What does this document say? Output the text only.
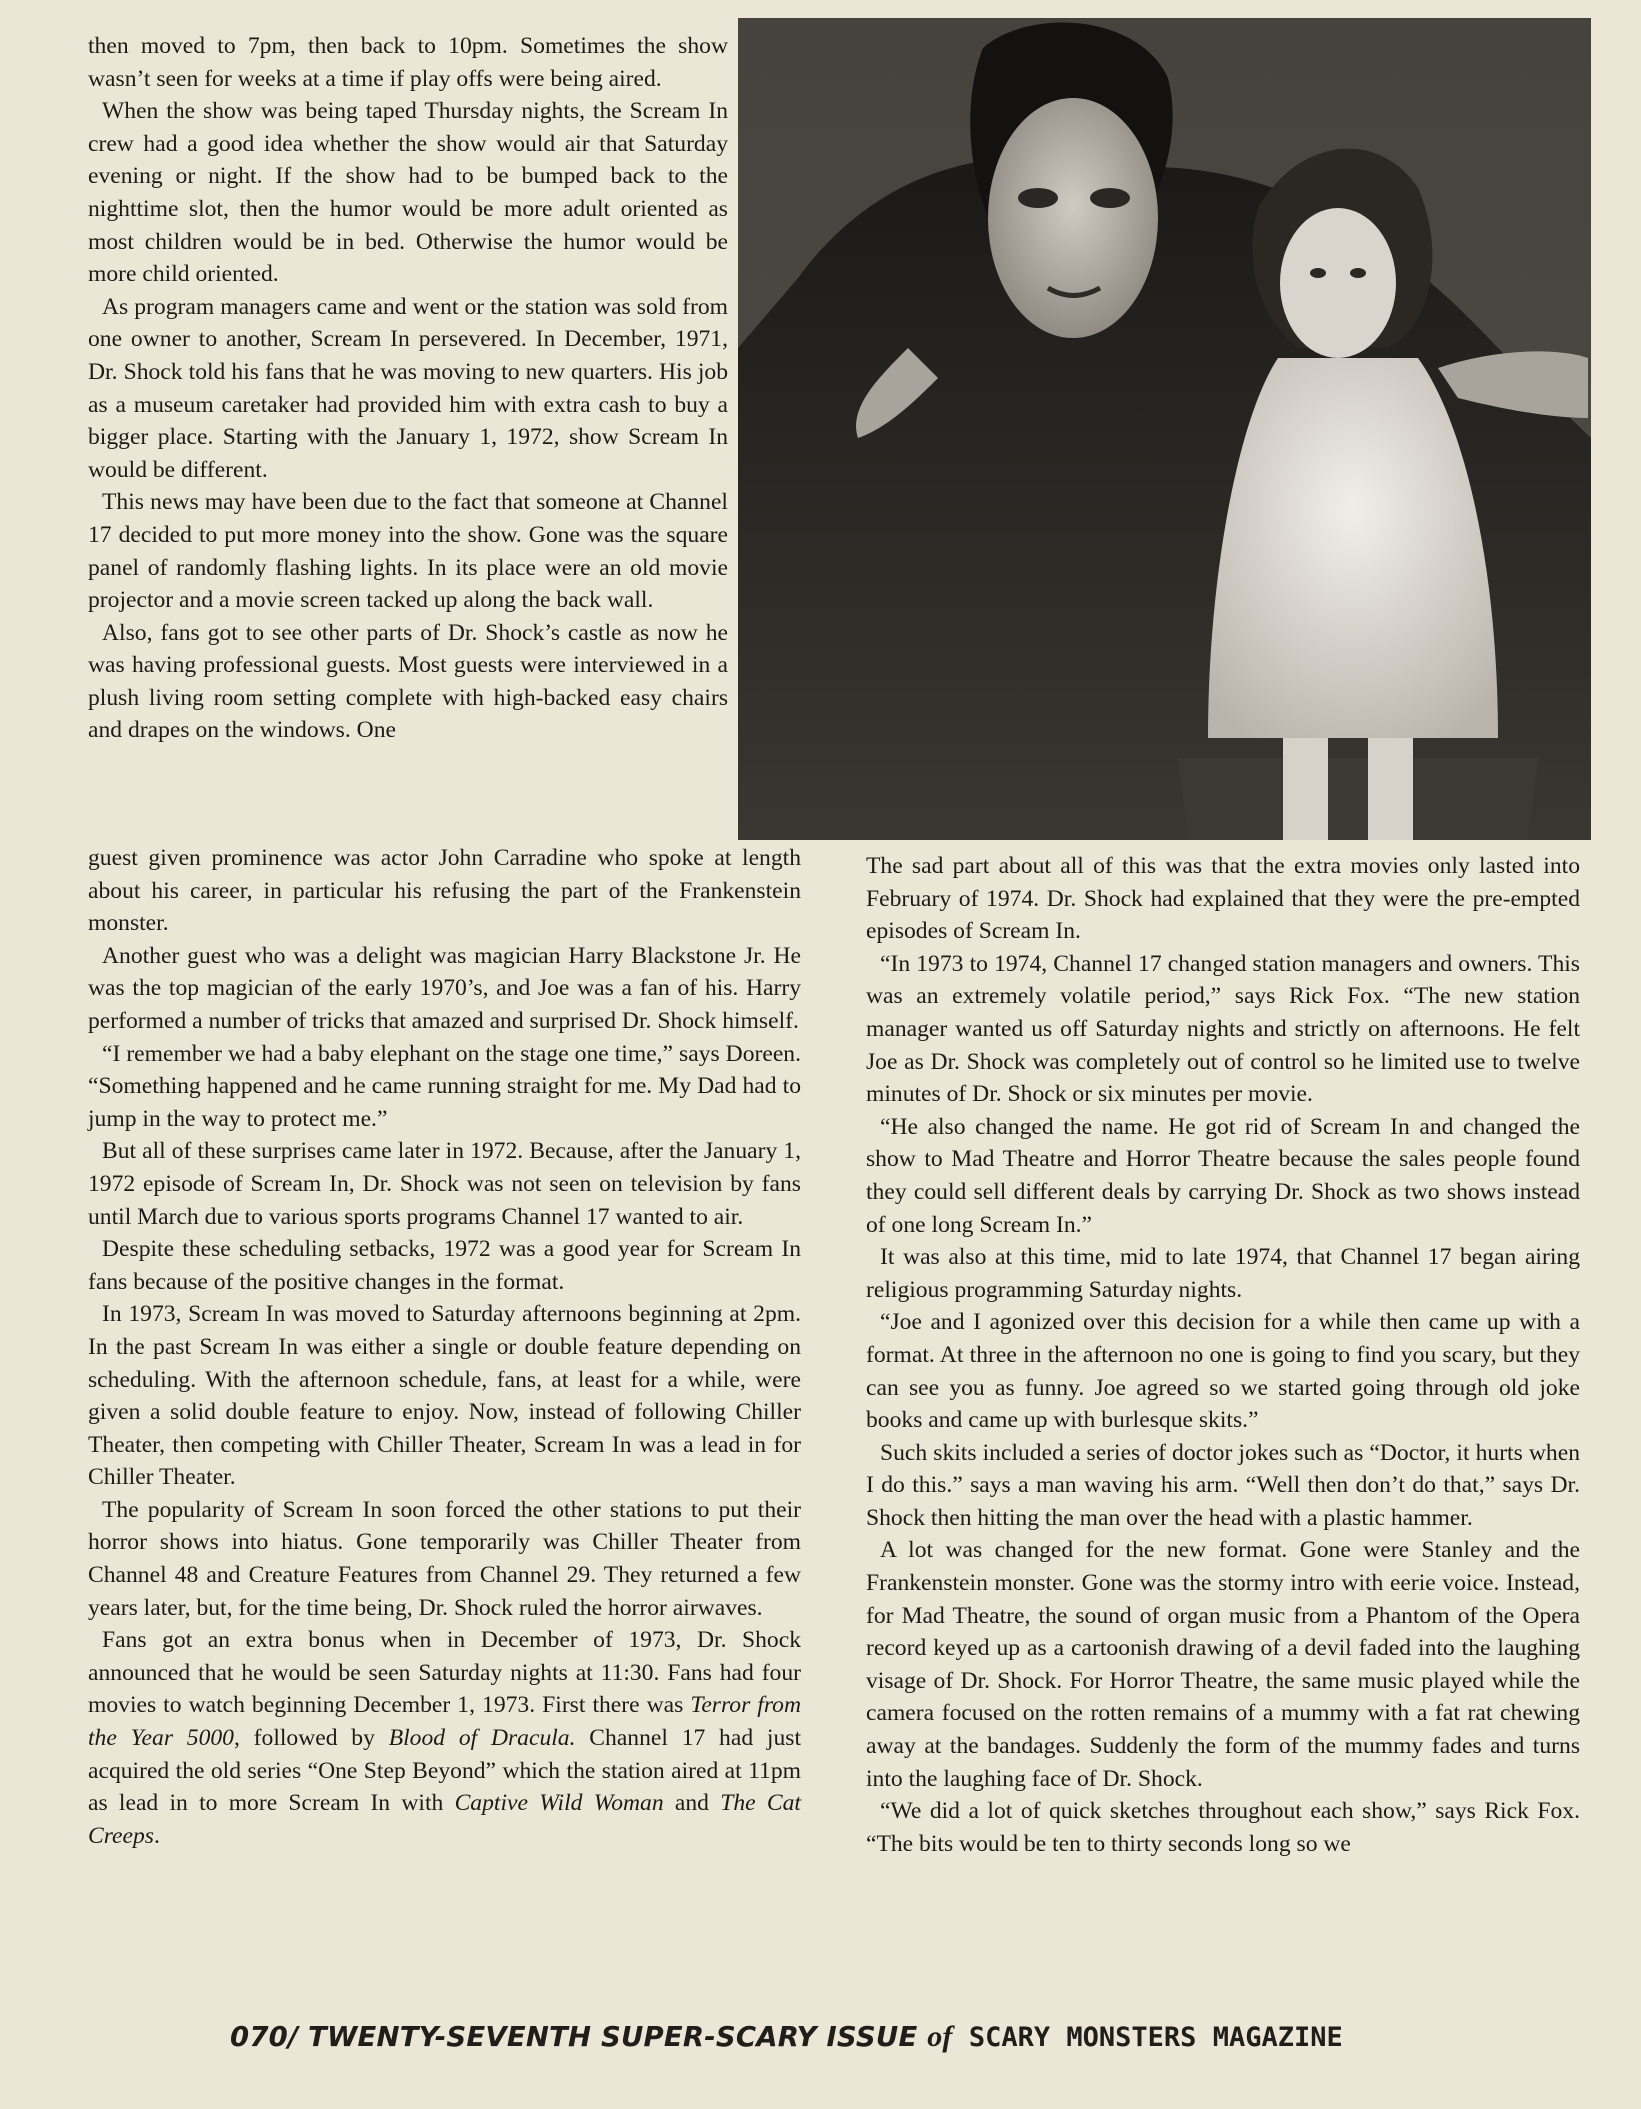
then moved to 7pm, then back to 10pm. Sometimes the show wasn’t seen for weeks at a time if play offs were being aired.

When the show was being taped Thursday nights, the Scream In crew had a good idea whether the show would air that Saturday evening or night. If the show had to be bumped back to the nighttime slot, then the humor would be more adult oriented as most children would be in bed. Otherwise the humor would be more child oriented.

As program managers came and went or the station was sold from one owner to another, Scream In persevered. In December, 1971, Dr. Shock told his fans that he was moving to new quarters. His job as a museum caretaker had provided him with extra cash to buy a bigger place. Starting with the January 1, 1972, show Scream In would be different.

This news may have been due to the fact that someone at Channel 17 decided to put more money into the show. Gone was the square panel of randomly flashing lights. In its place were an old movie projector and a movie screen tacked up along the back wall.

Also, fans got to see other parts of Dr. Shock’s castle as now he was having professional guests. Most guests were interviewed in a plush living room setting complete with high-backed easy chairs and drapes on the windows. One

guest given prominence was actor John Carradine who spoke at length about his career, in particular his refusing the part of the Frankenstein monster.

Another guest who was a delight was magician Harry Blackstone Jr. He was the top magician of the early 1970’s, and Joe was a fan of his. Harry performed a number of tricks that amazed and surprised Dr. Shock himself.

“I remember we had a baby elephant on the stage one time,” says Doreen. “Something happened and he came running straight for me. My Dad had to jump in the way to protect me.”

But all of these surprises came later in 1972. Because, after the January 1, 1972 episode of Scream In, Dr. Shock was not seen on television by fans until March due to various sports programs Channel 17 wanted to air.

Despite these scheduling setbacks, 1972 was a good year for Scream In fans because of the positive changes in the format.

In 1973, Scream In was moved to Saturday afternoons beginning at 2pm. In the past Scream In was either a single or double feature depending on scheduling. With the afternoon schedule, fans, at least for a while, were given a solid double feature to enjoy. Now, instead of following Chiller Theater, then competing with Chiller Theater, Scream In was a lead in for Chiller Theater.

The popularity of Scream In soon forced the other stations to put their horror shows into hiatus. Gone temporarily was Chiller Theater from Channel 48 and Creature Features from Channel 29. They returned a few years later, but, for the time being, Dr. Shock ruled the horror airwaves.

Fans got an extra bonus when in December of 1973, Dr. Shock announced that he would be seen Saturday nights at 11:30. Fans had four movies to watch beginning December 1, 1973. First there was Terror from the Year 5000, followed by Blood of Dracula. Channel 17 had just acquired the old series “One Step Beyond” which the station aired at 11pm as lead in to more Scream In with Captive Wild Woman and The Cat Creeps.

The sad part about all of this was that the extra movies only lasted into February of 1974. Dr. Shock had explained that they were the pre-empted episodes of Scream In.

“In 1973 to 1974, Channel 17 changed station managers and owners. This was an extremely volatile period,” says Rick Fox. “The new station manager wanted us off Saturday nights and strictly on afternoons. He felt Joe as Dr. Shock was completely out of control so he limited use to twelve minutes of Dr. Shock or six minutes per movie.

“He also changed the name. He got rid of Scream In and changed the show to Mad Theatre and Horror Theatre because the sales people found they could sell different deals by carrying Dr. Shock as two shows instead of one long Scream In.”

It was also at this time, mid to late 1974, that Channel 17 began airing religious programming Saturday nights.

“Joe and I agonized over this decision for a while then came up with a format. At three in the afternoon no one is going to find you scary, but they can see you as funny. Joe agreed so we started going through old joke books and came up with burlesque skits.”

Such skits included a series of doctor jokes such as “Doctor, it hurts when I do this.” says a man waving his arm. “Well then don’t do that,” says Dr. Shock then hitting the man over the head with a plastic hammer.

A lot was changed for the new format. Gone were Stanley and the Frankenstein monster. Gone was the stormy intro with eerie voice. Instead, for Mad Theatre, the sound of organ music from a Phantom of the Opera record keyed up as a cartoonish drawing of a devil faded into the laughing visage of Dr. Shock. For Horror Theatre, the same music played while the camera focused on the rotten remains of a mummy with a fat rat chewing away at the bandages. Suddenly the form of the mummy fades and turns into the laughing face of Dr. Shock.

“We did a lot of quick sketches throughout each show,” says Rick Fox. “The bits would be ten to thirty seconds long so we

070/ TWENTY-SEVENTH SUPER-SCARY ISSUE of SCARY MONSTERS MAGAZINE
